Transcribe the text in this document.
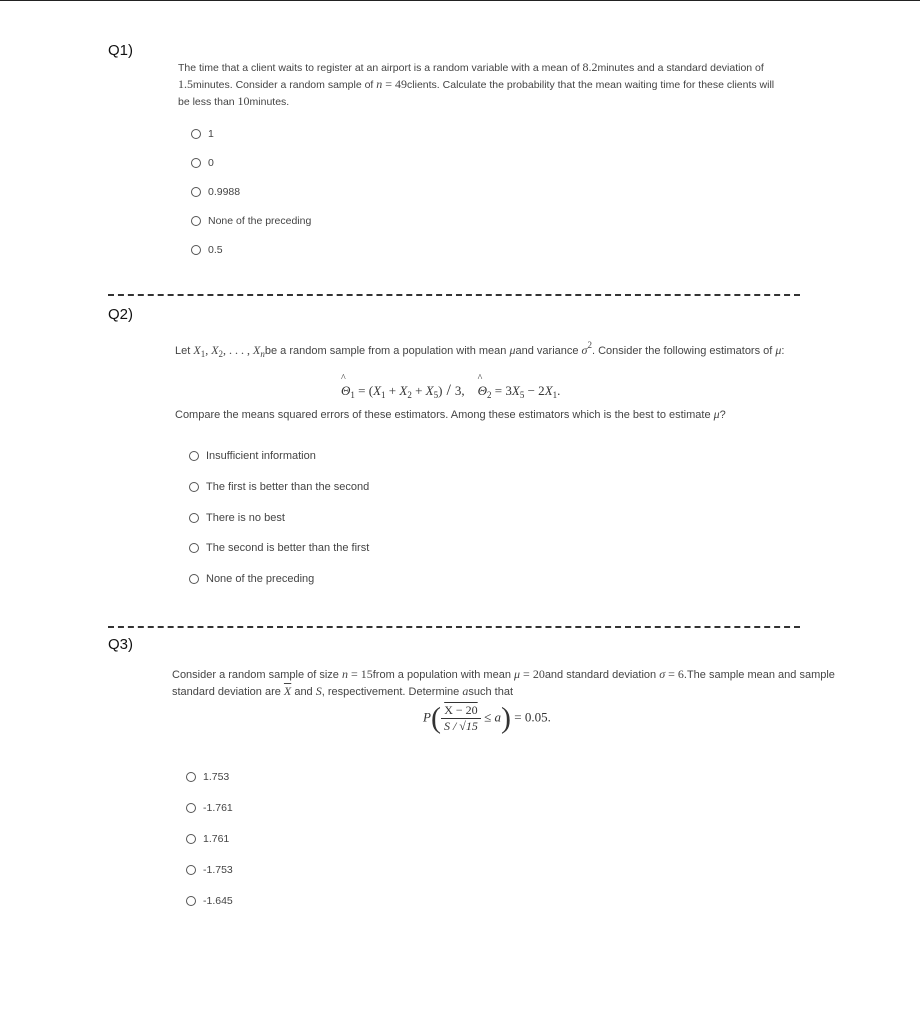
Q1)
The time that a client waits to register at an airport is a random variable with a mean of 8.2minutes and a standard deviation of 1.5minutes. Consider a random sample of n = 49clients. Calculate the probability that the mean waiting time for these clients will be less than 10minutes.
1
0
0.9988
None of the preceding
0.5
Q2)
Let $X_1$, $X_2$, . . . , $X_nbe$ a random sample from a population with mean μand variance $\sigma^2$. Consider the following estimators of μ:
^ $\Theta_1 = (X_1 + X_2 + X_5) / 3$, ^ $\Theta_2 = 3X_5 - 2X_1$.
Compare the means squared errors of these estimators. Among these estimators which is the best to estimate μ?
Insufficient information
The first is better than the second
There is no best
The second is better than the first
None of the preceding
Q3)
Consider a random sample of size n = 15from a population with mean μ = 20and standard deviation σ = 6.The sample mean and sample standard deviation are $\overline{X}$ and S, respectivement. Determine asuch that
$P( \frac{X - 20}{S / √15} \le a) = 0.05$.
1.753
-1.761
1.761
-1.753
-1.645
